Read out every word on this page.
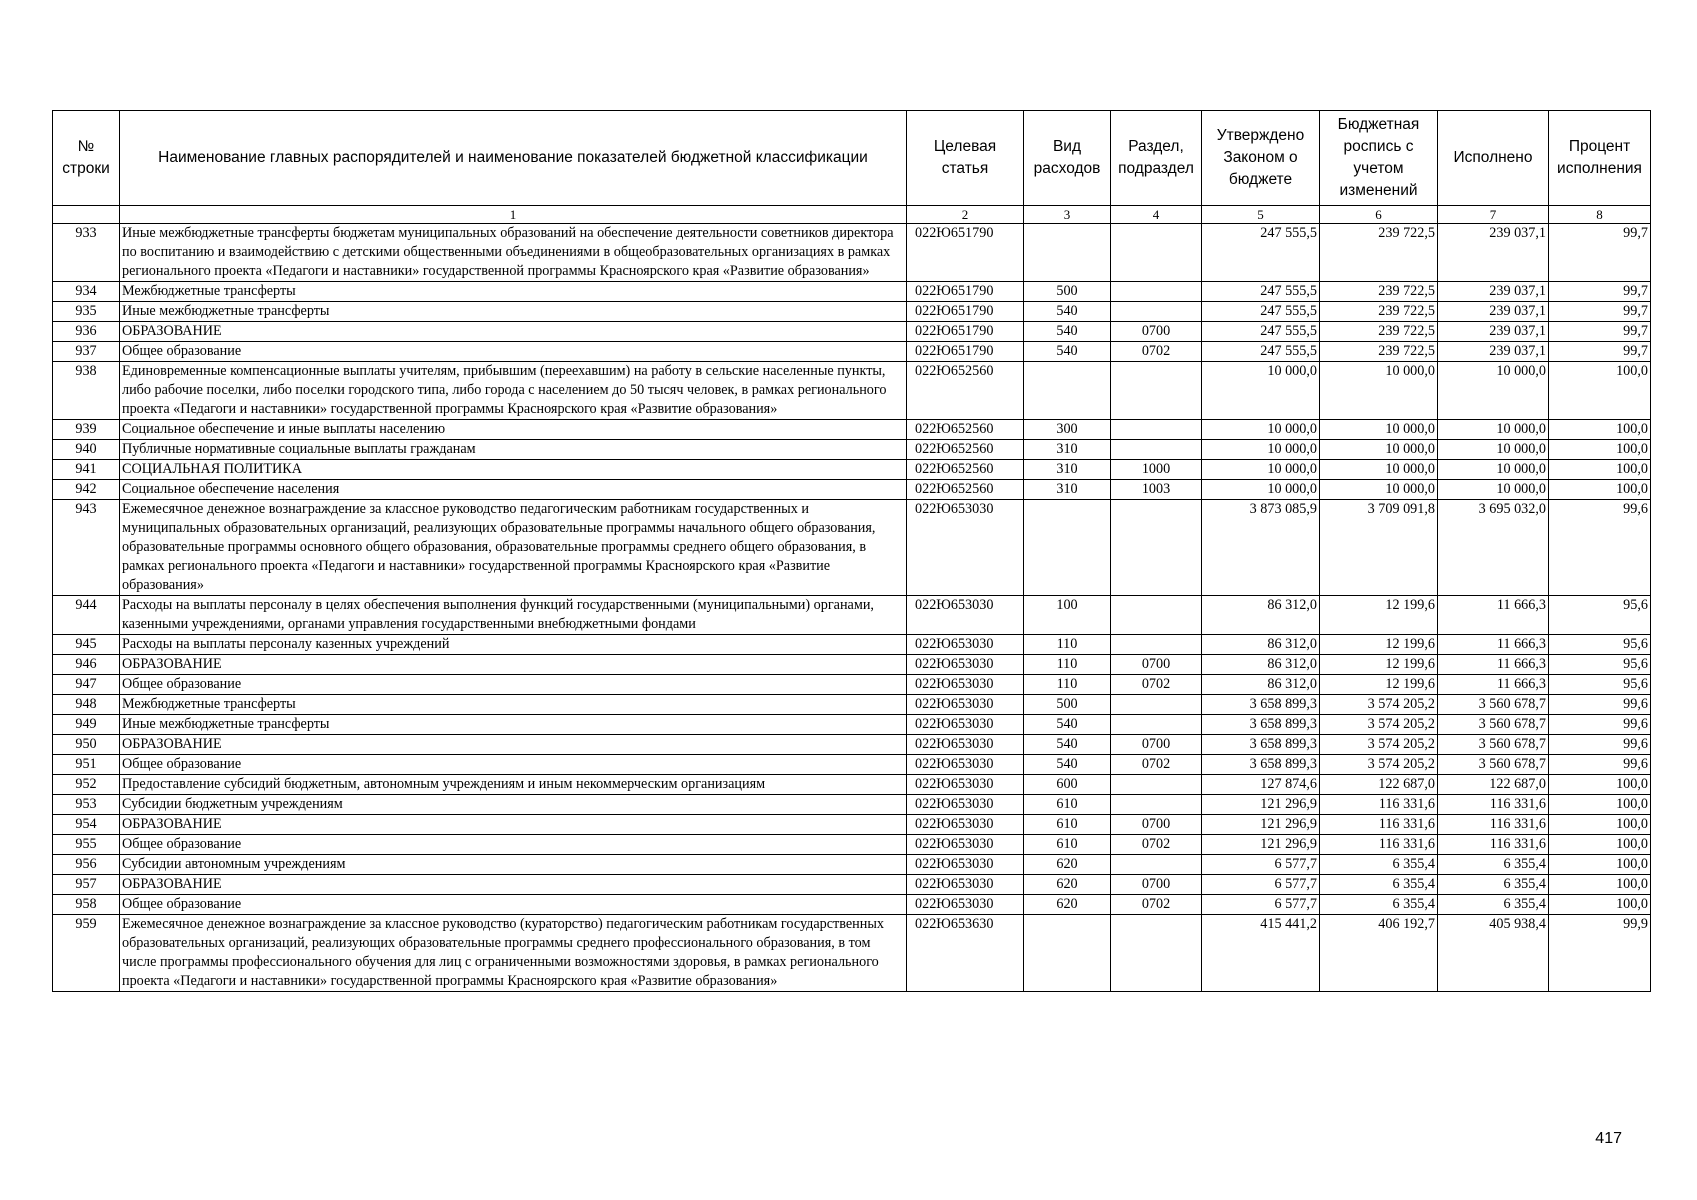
№ строки	Наименование главных распорядителей и наименование показателей бюджетной классификации	Целевая статья	Вид расходов	Раздел, подраздел	Утверждено Законом о бюджете	Бюджетная роспись с учетом изменений	Исполнено	Процент исполнения
	1	2	3	4	5	6	7	8
933	Иные межбюджетные трансферты бюджетам муниципальных образований на обеспечение деятельности советников директора по воспитанию и взаимодействию с детскими общественными объединениями в общеобразовательных организациях в рамках регионального проекта «Педагоги и наставники» государственной программы Красноярского края «Развитие образования»	022Ю651790			247 555,5	239 722,5	239 037,1	99,7
934	Межбюджетные трансферты	022Ю651790	500		247 555,5	239 722,5	239 037,1	99,7
935	Иные межбюджетные трансферты	022Ю651790	540		247 555,5	239 722,5	239 037,1	99,7
936	ОБРАЗОВАНИЕ	022Ю651790	540	0700	247 555,5	239 722,5	239 037,1	99,7
937	Общее образование	022Ю651790	540	0702	247 555,5	239 722,5	239 037,1	99,7
938	Единовременные компенсационные выплаты учителям, прибывшим (переехавшим) на работу в сельские населенные пункты, либо рабочие поселки, либо поселки городского типа, либо города с населением до 50 тысяч человек, в рамках регионального проекта «Педагоги и наставники» государственной программы Красноярского края «Развитие образования»	022Ю652560			10 000,0	10 000,0	10 000,0	100,0
939	Социальное обеспечение и иные выплаты населению	022Ю652560	300		10 000,0	10 000,0	10 000,0	100,0
940	Публичные нормативные социальные выплаты гражданам	022Ю652560	310		10 000,0	10 000,0	10 000,0	100,0
941	СОЦИАЛЬНАЯ ПОЛИТИКА	022Ю652560	310	1000	10 000,0	10 000,0	10 000,0	100,0
942	Социальное обеспечение населения	022Ю652560	310	1003	10 000,0	10 000,0	10 000,0	100,0
943	Ежемесячное денежное вознаграждение за классное руководство педагогическим работникам государственных и муниципальных образовательных организаций, реализующих образовательные программы начального общего образования, образовательные программы основного общего образования, образовательные программы среднего общего образования, в рамках регионального проекта «Педагоги и наставники» государственной программы Красноярского края «Развитие образования»	022Ю653030			3 873 085,9	3 709 091,8	3 695 032,0	99,6
944	Расходы на выплаты персоналу в целях обеспечения выполнения функций государственными (муниципальными) органами, казенными учреждениями, органами управления государственными внебюджетными фондами	022Ю653030	100		86 312,0	12 199,6	11 666,3	95,6
945	Расходы на выплаты персоналу казенных учреждений	022Ю653030	110		86 312,0	12 199,6	11 666,3	95,6
946	ОБРАЗОВАНИЕ	022Ю653030	110	0700	86 312,0	12 199,6	11 666,3	95,6
947	Общее образование	022Ю653030	110	0702	86 312,0	12 199,6	11 666,3	95,6
948	Межбюджетные трансферты	022Ю653030	500		3 658 899,3	3 574 205,2	3 560 678,7	99,6
949	Иные межбюджетные трансферты	022Ю653030	540		3 658 899,3	3 574 205,2	3 560 678,7	99,6
950	ОБРАЗОВАНИЕ	022Ю653030	540	0700	3 658 899,3	3 574 205,2	3 560 678,7	99,6
951	Общее образование	022Ю653030	540	0702	3 658 899,3	3 574 205,2	3 560 678,7	99,6
952	Предоставление субсидий бюджетным, автономным учреждениям и иным некоммерческим организациям	022Ю653030	600		127 874,6	122 687,0	122 687,0	100,0
953	Субсидии бюджетным учреждениям	022Ю653030	610		121 296,9	116 331,6	116 331,6	100,0
954	ОБРАЗОВАНИЕ	022Ю653030	610	0700	121 296,9	116 331,6	116 331,6	100,0
955	Общее образование	022Ю653030	610	0702	121 296,9	116 331,6	116 331,6	100,0
956	Субсидии автономным учреждениям	022Ю653030	620		6 577,7	6 355,4	6 355,4	100,0
957	ОБРАЗОВАНИЕ	022Ю653030	620	0700	6 577,7	6 355,4	6 355,4	100,0
958	Общее образование	022Ю653030	620	0702	6 577,7	6 355,4	6 355,4	100,0
959	Ежемесячное денежное вознаграждение за классное руководство (кураторство) педагогическим работникам государственных образовательных организаций, реализующих образовательные программы среднего профессионального образования, в том числе программы профессионального обучения для лиц с ограниченными возможностями здоровья, в рамках регионального проекта «Педагоги и наставники» государственной программы Красноярского края «Развитие образования»	022Ю653630			415 441,2	406 192,7	405 938,4	99,9
417
